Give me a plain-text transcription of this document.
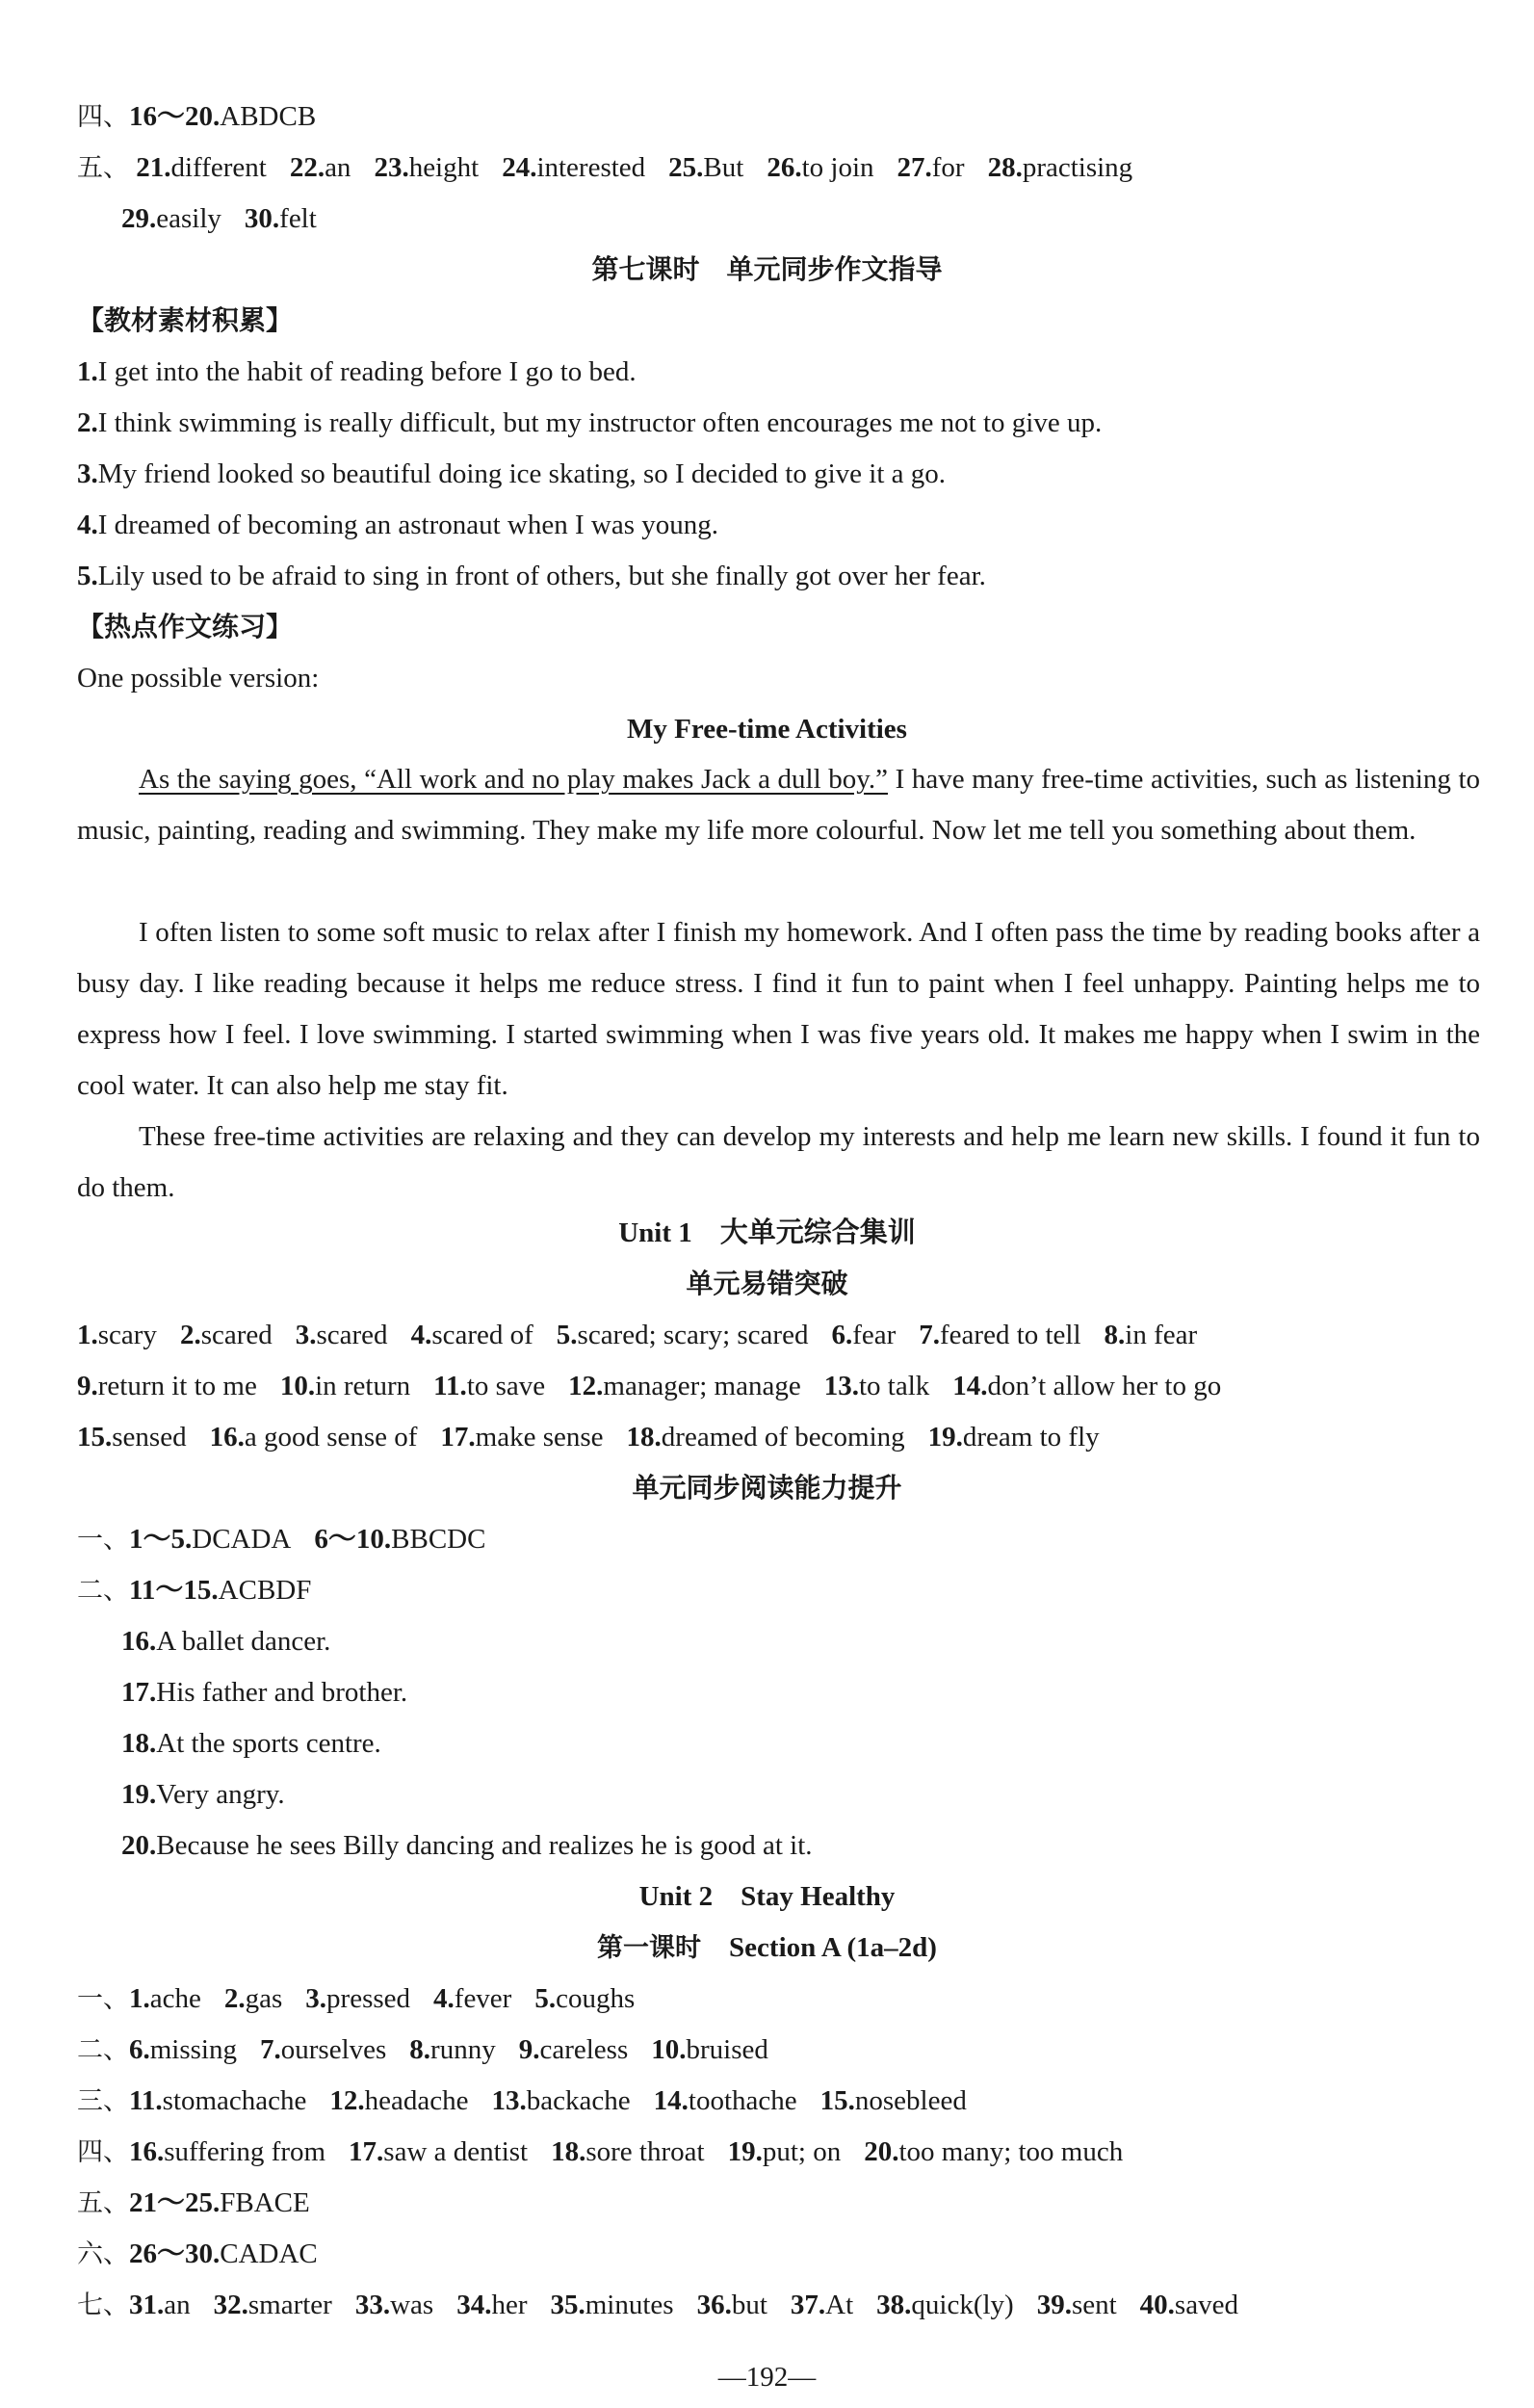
四、16～20.ABDCB
五、 21.different 22.an 23.height 24.interested 25.But 26.to join 27.for 28.practising
29.easily 30.felt
第七课时　单元同步作文指导
【教材素材积累】
1.I get into the habit of reading before I go to bed.
2.I think swimming is really difficult, but my instructor often encourages me not to give up.
3.My friend looked so beautiful doing ice skating, so I decided to give it a go.
4.I dreamed of becoming an astronaut when I was young.
5.Lily used to be afraid to sing in front of others, but she finally got over her fear.
【热点作文练习】
One possible version:
My Free-time Activities
As the saying goes, “All work and no play makes Jack a dull boy.” I have many free-time activities, such as listening to music, painting, reading and swimming. They make my life more colourful. Now let me tell you something about them.
I often listen to some soft music to relax after I finish my homework. And I often pass the time by reading books after a busy day. I like reading because it helps me reduce stress. I find it fun to paint when I feel unhappy. Painting helps me to express how I feel. I love swimming. I started swimming when I was five years old. It makes me happy when I swim in the cool water. It can also help me stay fit.
These free-time activities are relaxing and they can develop my interests and help me learn new skills. I found it fun to do them.
Unit 1　大单元综合集训
单元易错突破
1.scary 2.scared 3.scared 4.scared of 5.scared; scary; scared 6.fear 7.feared to tell 8.in fear
9.return it to me 10.in return 11.to save 12.manager; manage 13.to talk 14.don’t allow her to go
15.sensed 16.a good sense of 17.make sense 18.dreamed of becoming 19.dream to fly
单元同步阅读能力提升
一、1～5.DCADA 6～10.BBCDC
二、11～15.ACBDF
16.A ballet dancer.
17.His father and brother.
18.At the sports centre.
19.Very angry.
20.Because he sees Billy dancing and realizes he is good at it.
Unit 2　Stay Healthy
第一课时　 Section A (1a–2d)
一、1.ache 2.gas 3.pressed 4.fever 5.coughs
二、6.missing 7.ourselves 8.runny 9.careless 10.bruised
三、11.stomachache 12.headache 13.backache 14.toothache 15.nosebleed
四、16.suffering from 17.saw a dentist 18.sore throat 19.put; on 20.too many; too much
五、21～25.FBACE
六、26～30.CADAC
七、31.an 32.smarter 33.was 34.her 35.minutes 36.but 37.At 38.quick(ly) 39.sent 40.saved
—192—
